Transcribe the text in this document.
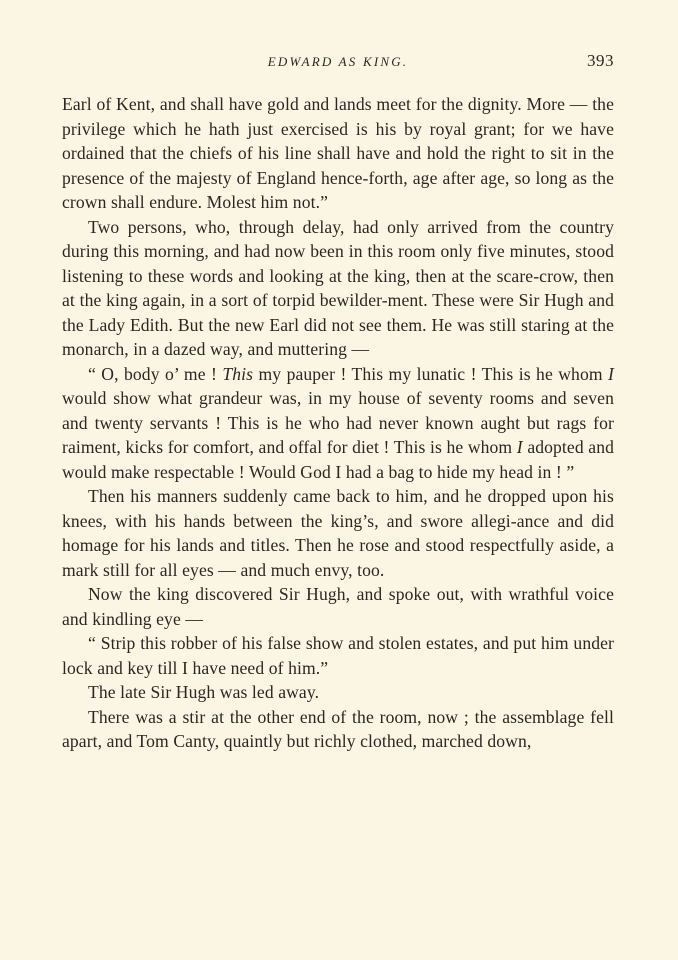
EDWARD AS KING.	393

Earl of Kent, and shall have gold and lands meet for the dignity. More — the privilege which he hath just exercised is his by royal grant; for we have ordained that the chiefs of his line shall have and hold the right to sit in the presence of the majesty of England hence-forth, age after age, so long as the crown shall endure. Molest him not.”

Two persons, who, through delay, had only arrived from the country during this morning, and had now been in this room only five minutes, stood listening to these words and looking at the king, then at the scare-crow, then at the king again, in a sort of torpid bewilder-ment. These were Sir Hugh and the Lady Edith. But the new Earl did not see them. He was still staring at the monarch, in a dazed way, and muttering —

“ O, body o’ me ! This my pauper ! This my lunatic ! This is he whom I would show what grandeur was, in my house of seventy rooms and seven and twenty servants ! This is he who had never known aught but rags for raiment, kicks for comfort, and offal for diet ! This is he whom I adopted and would make respectable ! Would God I had a bag to hide my head in ! ”

Then his manners suddenly came back to him, and he dropped upon his knees, with his hands between the king’s, and swore allegi-ance and did homage for his lands and titles. Then he rose and stood respectfully aside, a mark still for all eyes — and much envy, too.

Now the king discovered Sir Hugh, and spoke out, with wrathful voice and kindling eye —

“ Strip this robber of his false show and stolen estates, and put him under lock and key till I have need of him.”

The late Sir Hugh was led away.

There was a stir at the other end of the room, now ; the assemblage fell apart, and Tom Canty, quaintly but richly clothed, marched down,
